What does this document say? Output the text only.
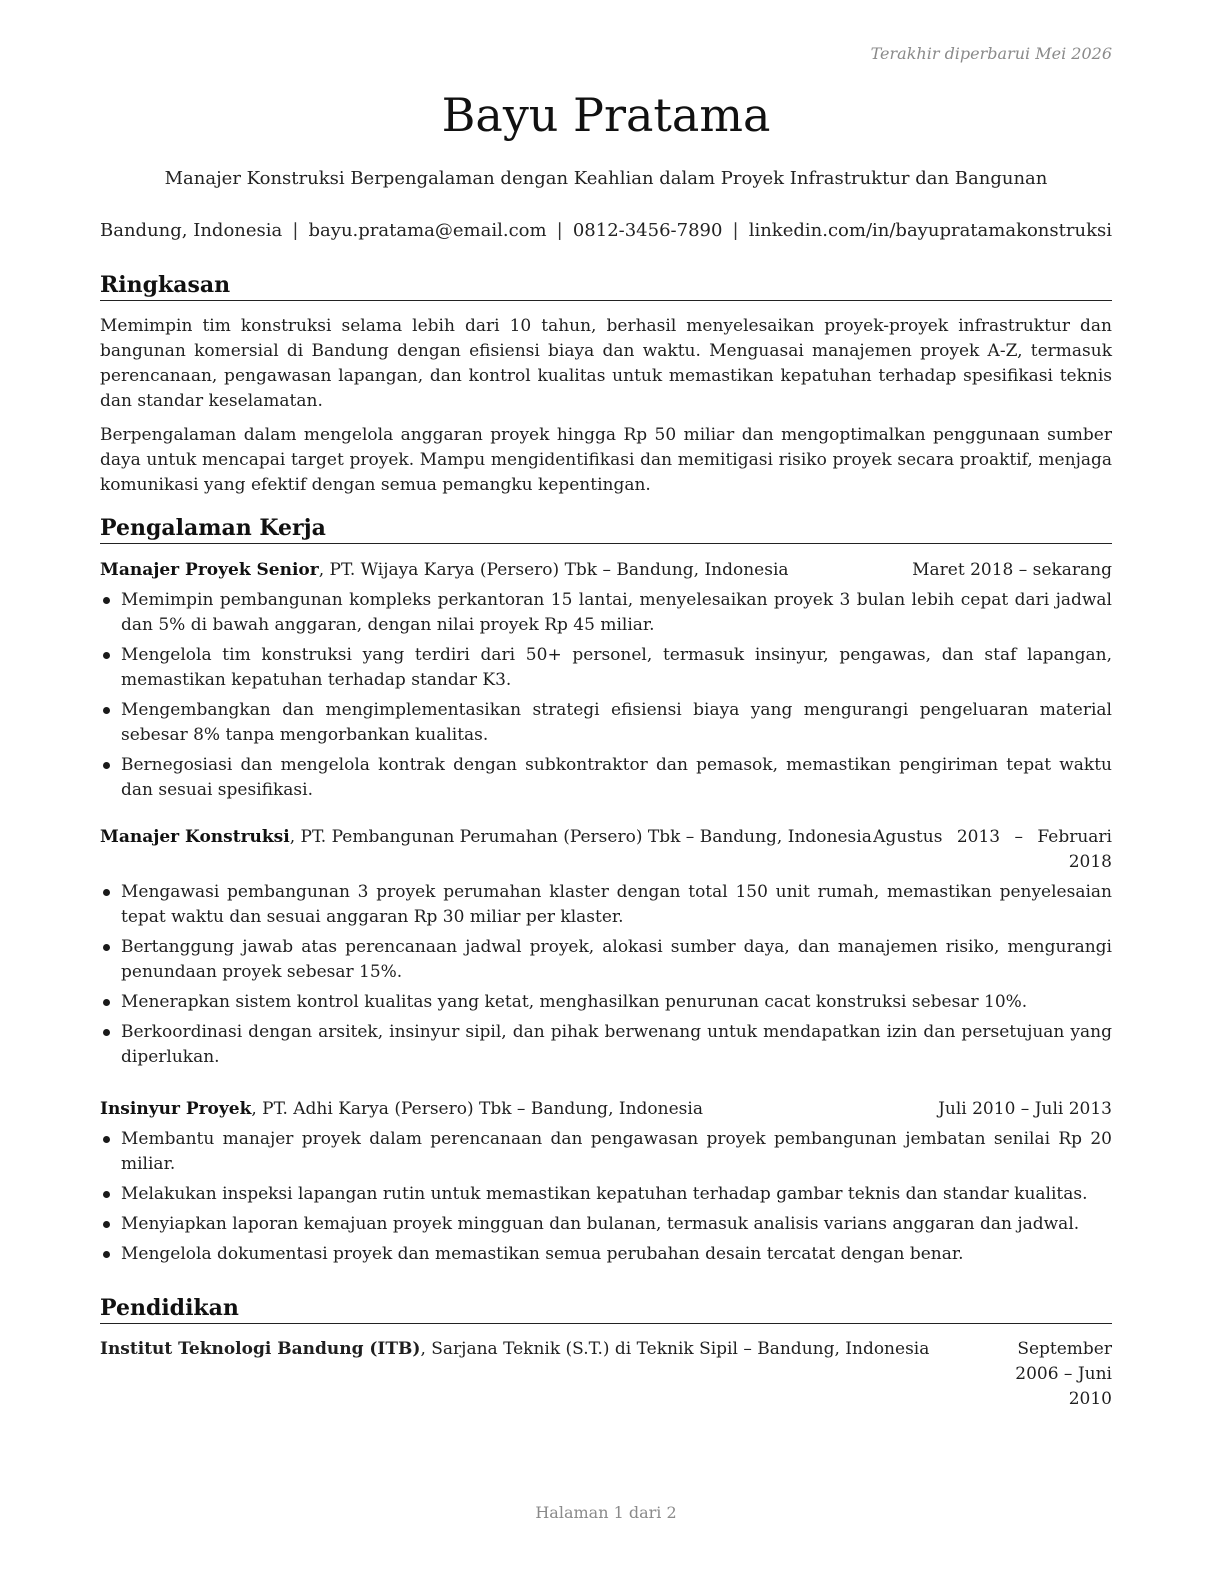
Terakhir diperbarui Mei 2026
Bayu Pratama
Manajer Konstruksi Berpengalaman dengan Keahlian dalam Proyek Infrastruktur dan Bangunan
Bandung, Indonesia | bayu.pratama@email.com | 0812-3456-7890 | linkedin.com/in/bayupratamakonstruksi
Ringkasan

Memimpin tim konstruksi selama lebih dari 10 tahun, berhasil menyelesaikan proyek-proyek infrastruktur dan bangunan komersial di Bandung dengan efisiensi biaya dan waktu. Menguasai manajemen proyek A-Z, termasuk perencanaan, pengawasan lapangan, dan kontrol kualitas untuk memastikan kepatuhan terhadap spesifikasi teknis dan standar keselamatan.

Berpengalaman dalam mengelola anggaran proyek hingga Rp 50 miliar dan mengoptimalkan penggunaan sumber daya untuk mencapai target proyek. Mampu mengidentifikasi dan memitigasi risiko proyek secara proaktif, menjaga komunikasi yang efektif dengan semua pemangku kepentingan.

Pengalaman Kerja
Manajer Proyek Senior, PT. Wijaya Karya (Persero) Tbk – Bandung, Indonesia	Maret 2018 – sekarang
Memimpin pembangunan kompleks perkantoran 15 lantai, menyelesaikan proyek 3 bulan lebih cepat dari jadwal dan 5% di bawah anggaran, dengan nilai proyek Rp 45 miliar.
Mengelola tim konstruksi yang terdiri dari 50+ personel, termasuk insinyur, pengawas, dan staf lapangan, memastikan kepatuhan terhadap standar K3.
Mengembangkan dan mengimplementasikan strategi efisiensi biaya yang mengurangi pengeluaran material sebesar 8% tanpa mengorbankan kualitas.
Bernegosiasi dan mengelola kontrak dengan subkontraktor dan pemasok, memastikan pengiriman tepat waktu dan sesuai spesifikasi.
Manajer Konstruksi, PT. Pembangunan Perumahan (Persero) Tbk – Bandung, Indonesia Agustus 2013 – Februari
2018
Mengawasi pembangunan 3 proyek perumahan klaster dengan total 150 unit rumah, memastikan penyelesaian tepat waktu dan sesuai anggaran Rp 30 miliar per klaster.
Bertanggung jawab atas perencanaan jadwal proyek, alokasi sumber daya, dan manajemen risiko, mengurangi penundaan proyek sebesar 15%.
Menerapkan sistem kontrol kualitas yang ketat, menghasilkan penurunan cacat konstruksi sebesar 10%.
Berkoordinasi dengan arsitek, insinyur sipil, dan pihak berwenang untuk mendapatkan izin dan persetujuan yang diperlukan.
Insinyur Proyek, PT. Adhi Karya (Persero) Tbk – Bandung, Indonesia	Juli 2010 – Juli 2013
Membantu manajer proyek dalam perencanaan dan pengawasan proyek pembangunan jembatan senilai Rp 20 miliar.
Melakukan inspeksi lapangan rutin untuk memastikan kepatuhan terhadap gambar teknis dan standar kualitas.
Menyiapkan laporan kemajuan proyek mingguan dan bulanan, termasuk analisis varians anggaran dan jadwal.
Mengelola dokumentasi proyek dan memastikan semua perubahan desain tercatat dengan benar.
Pendidikan
Institut Teknologi Bandung (ITB), Sarjana Teknik (S.T.) di Teknik Sipil – Bandung, Indonesia	September 2006 – Juni
2010
Halaman 1 dari 2
